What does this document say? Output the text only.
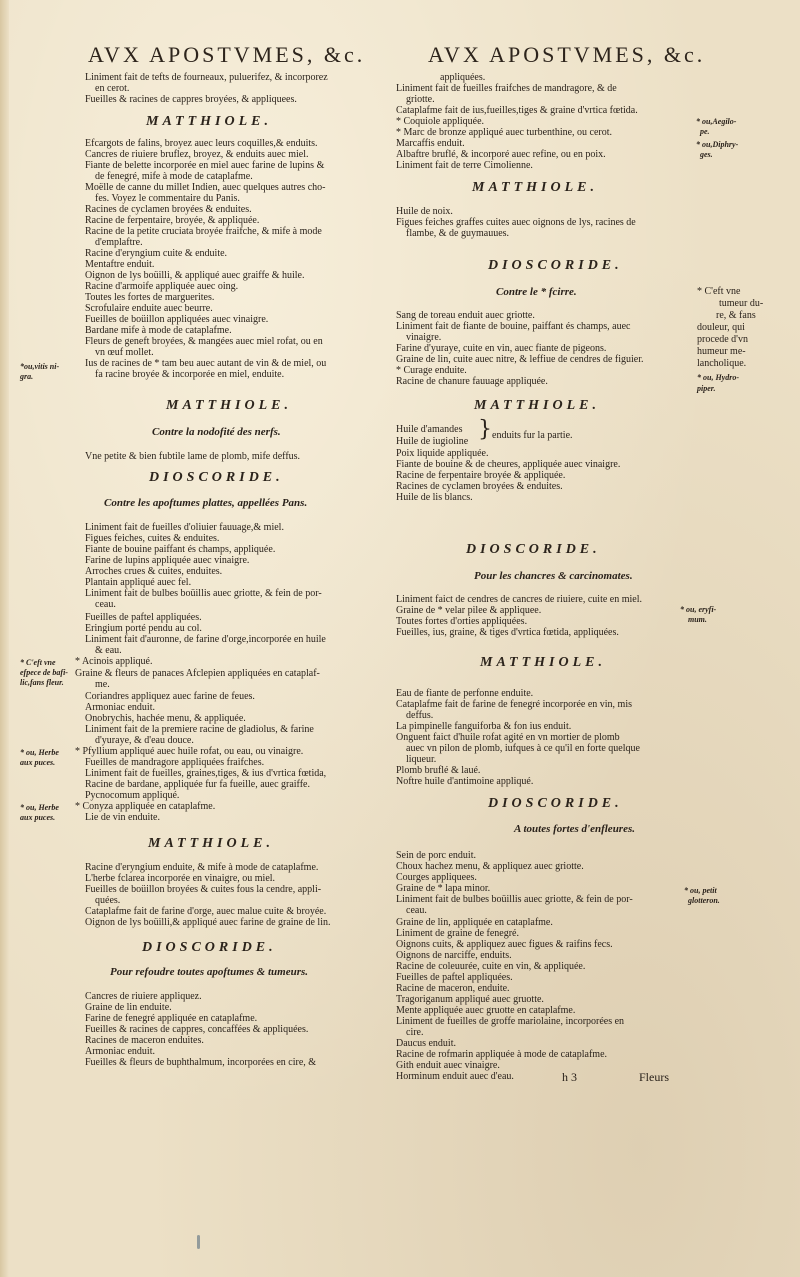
AVX APOSTVMES, &c.
Liniment fait de tefts de fourneaux, puluerifez, & incorporez
en cerot.
Fueilles & racines de cappres broyées, & appliquees.
MATTHIOLE.
Efcargots de falins, broyez auec leurs coquilles,& enduits.
Cancres de riuiere bruflez, broyez, & enduits auec miel.
Fiante de belette incorporée en miel auec farine de lupins &
de fenegré, mife à mode de cataplafme.
Moëlle de canne du millet Indien, auec quelques autres cho-
fes. Voyez le commentaire du Panis.
Racines de cyclamen broyées & enduites.
Racine de ferpentaire, broyée, & appliquée.
Racine de la petite cruciata broyée fraifche, & mife à mode
d'emplaftre.
Racine d'eryngium cuite & enduite.
Mentaftre enduit.
Oignon de lys boüilli, & appliqué auec graiffe & huile.
Racine d'armoife appliquée auec oing.
Toutes les fortes de marguerites.
Scrofulaire enduite auec beurre.
Fueilles de boüillon appliquées auec vinaigre.
Bardane mife à mode de cataplafme.
Fleurs de geneft broyées, & mangées auec miel rofat, ou en
vn œuf mollet.
*ou,vitis ni-
gra.
Ius de racines de * tam beu auec autant de vin & de miel, ou
fa racine broyée & incorporée en miel, enduite.
MATTHIOLE.
Contre la nodofité des nerfs.
Vne petite & bien fubtile lame de plomb, mife deffus.
DIOSCORIDE.
Contre les apoftumes plattes, appellées Pans.
Liniment fait de fueilles d'oliuier fauuage,& miel.
Figues feiches, cuites & enduites.
Fiante de bouine paiffant és champs, appliquée.
Farine de lupins appliquée auec vinaigre.
Arroches crues & cuites, enduites.
Plantain appliqué auec fel.
Liniment fait de bulbes boüillis auec griotte, & fein de por-
ceau.
Fueilles de paftel appliquées.
Eringium porté pendu au col.
Liniment fait d'auronne, de farine d'orge,incorporée en huile
& eau.
* C'eft vne
efpece de bafi-
lic,fans fleur.
* Acinois appliqué.
Graine & fleurs de panaces Afclepien appliquées en cataplaf-
me.
Coriandres appliquez auec farine de feues.
Armoniac enduit.
Onobrychis, hachée menu, & appliquée.
Liniment fait de la premiere racine de gladiolus, & farine
d'yuraye, & d'eau douce.
* ou, Herbe
aux puces.
* Pfyllium appliqué auec huile rofat, ou eau, ou vinaigre.
Fueilles de mandragore appliquées fraifches.
Liniment fait de fueilles, graines,tiges, & ius d'vrtica fœtida,
Racine de bardane, appliquée fur fa fueille, auec graiffe.
Pycnocomum appliqué.
* ou, Herbe
aux puces.
* Conyza appliquée en cataplafme.
Lie de vin enduite.
MATTHIOLE.
Racine d'eryngium enduite, & mife à mode de cataplafme.
L'herbe fclarea incorporée en vinaigre, ou miel.
Fueilles de boüillon broyées & cuites fous la cendre, appli-
quées.
Cataplafme fait de farine d'orge, auec malue cuite & broyée.
Oignon de lys boüilli,& appliqué auec farine de graine de lin.
DIOSCORIDE.
Pour refoudre toutes apoftumes & tumeurs.
Cancres de riuiere appliquez.
Graine de lin enduite.
Farine de fenegré appliquée en cataplafme.
Fueilles & racines de cappres, concaffées & appliquées.
Racines de maceron enduites.
Armoniac enduit.
Fueilles & fleurs de buphthalmum, incorporées en cire, &
AVX APOSTVMES, &c.
appliquées.
Liniment fait de fueilles fraifches de mandragore, & de
griotte.
Cataplafme fait de ius,fueilles,tiges & graine d'vrtica fœtida.
* Coquiole appliquée.
* Marc de bronze appliqué auec turbenthine, ou cerot.
Marcaffis enduit.
Albaftre bruflé, & incorporé auec refine, ou en poix.
Liniment fait de terre Cimolienne.
* ou,Aegilo-
pe.
* ou,Diphry-
ges.
MATTHIOLE.
Huile de noix.
Figues feiches graffes cuites auec oignons de lys, racines de
flambe, & de guymauues.
DIOSCORIDE.
Contre le * fcirre.	* C'eft vne
tumeur du-
re, & fans
douleur, qui
procede d'vn
humeur me-
lancholique.
* ou, Hydro-
piper.
Sang de toreau enduit auec griotte.
Liniment fait de fiante de bouine, paiffant és champs, auec
vinaigre.
Farine d'yuraye, cuite en vin, auec fiante de pigeons.
Graine de lin, cuite auec nitre, & leffiue de cendres de figuier.
* Curage enduite.
Racine de chanure fauuage appliquée.
MATTHIOLE.
Huile d'amandes
Huile de iugioline } enduits fur la partie.
Poix liquide appliquée.
Fiante de bouine & de cheures, appliquée auec vinaigre.
Racine de ferpentaire broyée & appliquée.
Racines de cyclamen broyées & enduites.
Huile de lis blancs.
DIOSCORIDE.
Pour les chancres & carcinomates.
Liniment faict de cendres de cancres de riuiere, cuite en miel.
Graine de * velar pilee & appliquee.
Toutes fortes d'orties appliquées.
Fueilles, ius, graine, & tiges d'vrtica fœtida, appliquées.
* ou, eryfi-
mum.
MATTHIOLE.
Eau de fiante de perfonne enduite.
Cataplafme fait de farine de fenegré incorporée en vin, mis
deffus.
La pimpinelle fanguiforba & fon ius enduit.
Onguent faict d'huile rofat agité en vn mortier de plomb
auec vn pilon de plomb, iufques à ce qu'il en forte quelque
liqueur.
Plomb bruflé & laué.
Noftre huile d'antimoine appliqué.
DIOSCORIDE.
A toutes fortes d'enfleures.
Sein de porc enduit.
Choux hachez menu, & appliquez auec griotte.
Courges appliquees.
Graine de * lapa minor.
Liniment fait de bulbes boüillis auec griotte, & fein de por-
ceau.
* ou, petit
glotteron.
Graine de lin, appliquée en cataplafme.
Liniment de graine de fenegré.
Oignons cuits, & appliquez auec figues & raifins fecs.
Oignons de narciffe, enduits.
Racine de coleuurée, cuite en vin, & appliquée.
Fueilles de paftel appliquées.
Racine de maceron, enduite.
Tragoriganum appliqué auec gruotte.
Mente appliquée auec gruotte en cataplafme.
Liniment de fueilles de groffe mariolaine, incorporées en
cire.
Daucus enduit.
Racine de rofmarin appliquée à mode de cataplafme.
Gith enduit auec vinaigre.
Horminum enduit auec d'eau.	h 3	Fleurs
